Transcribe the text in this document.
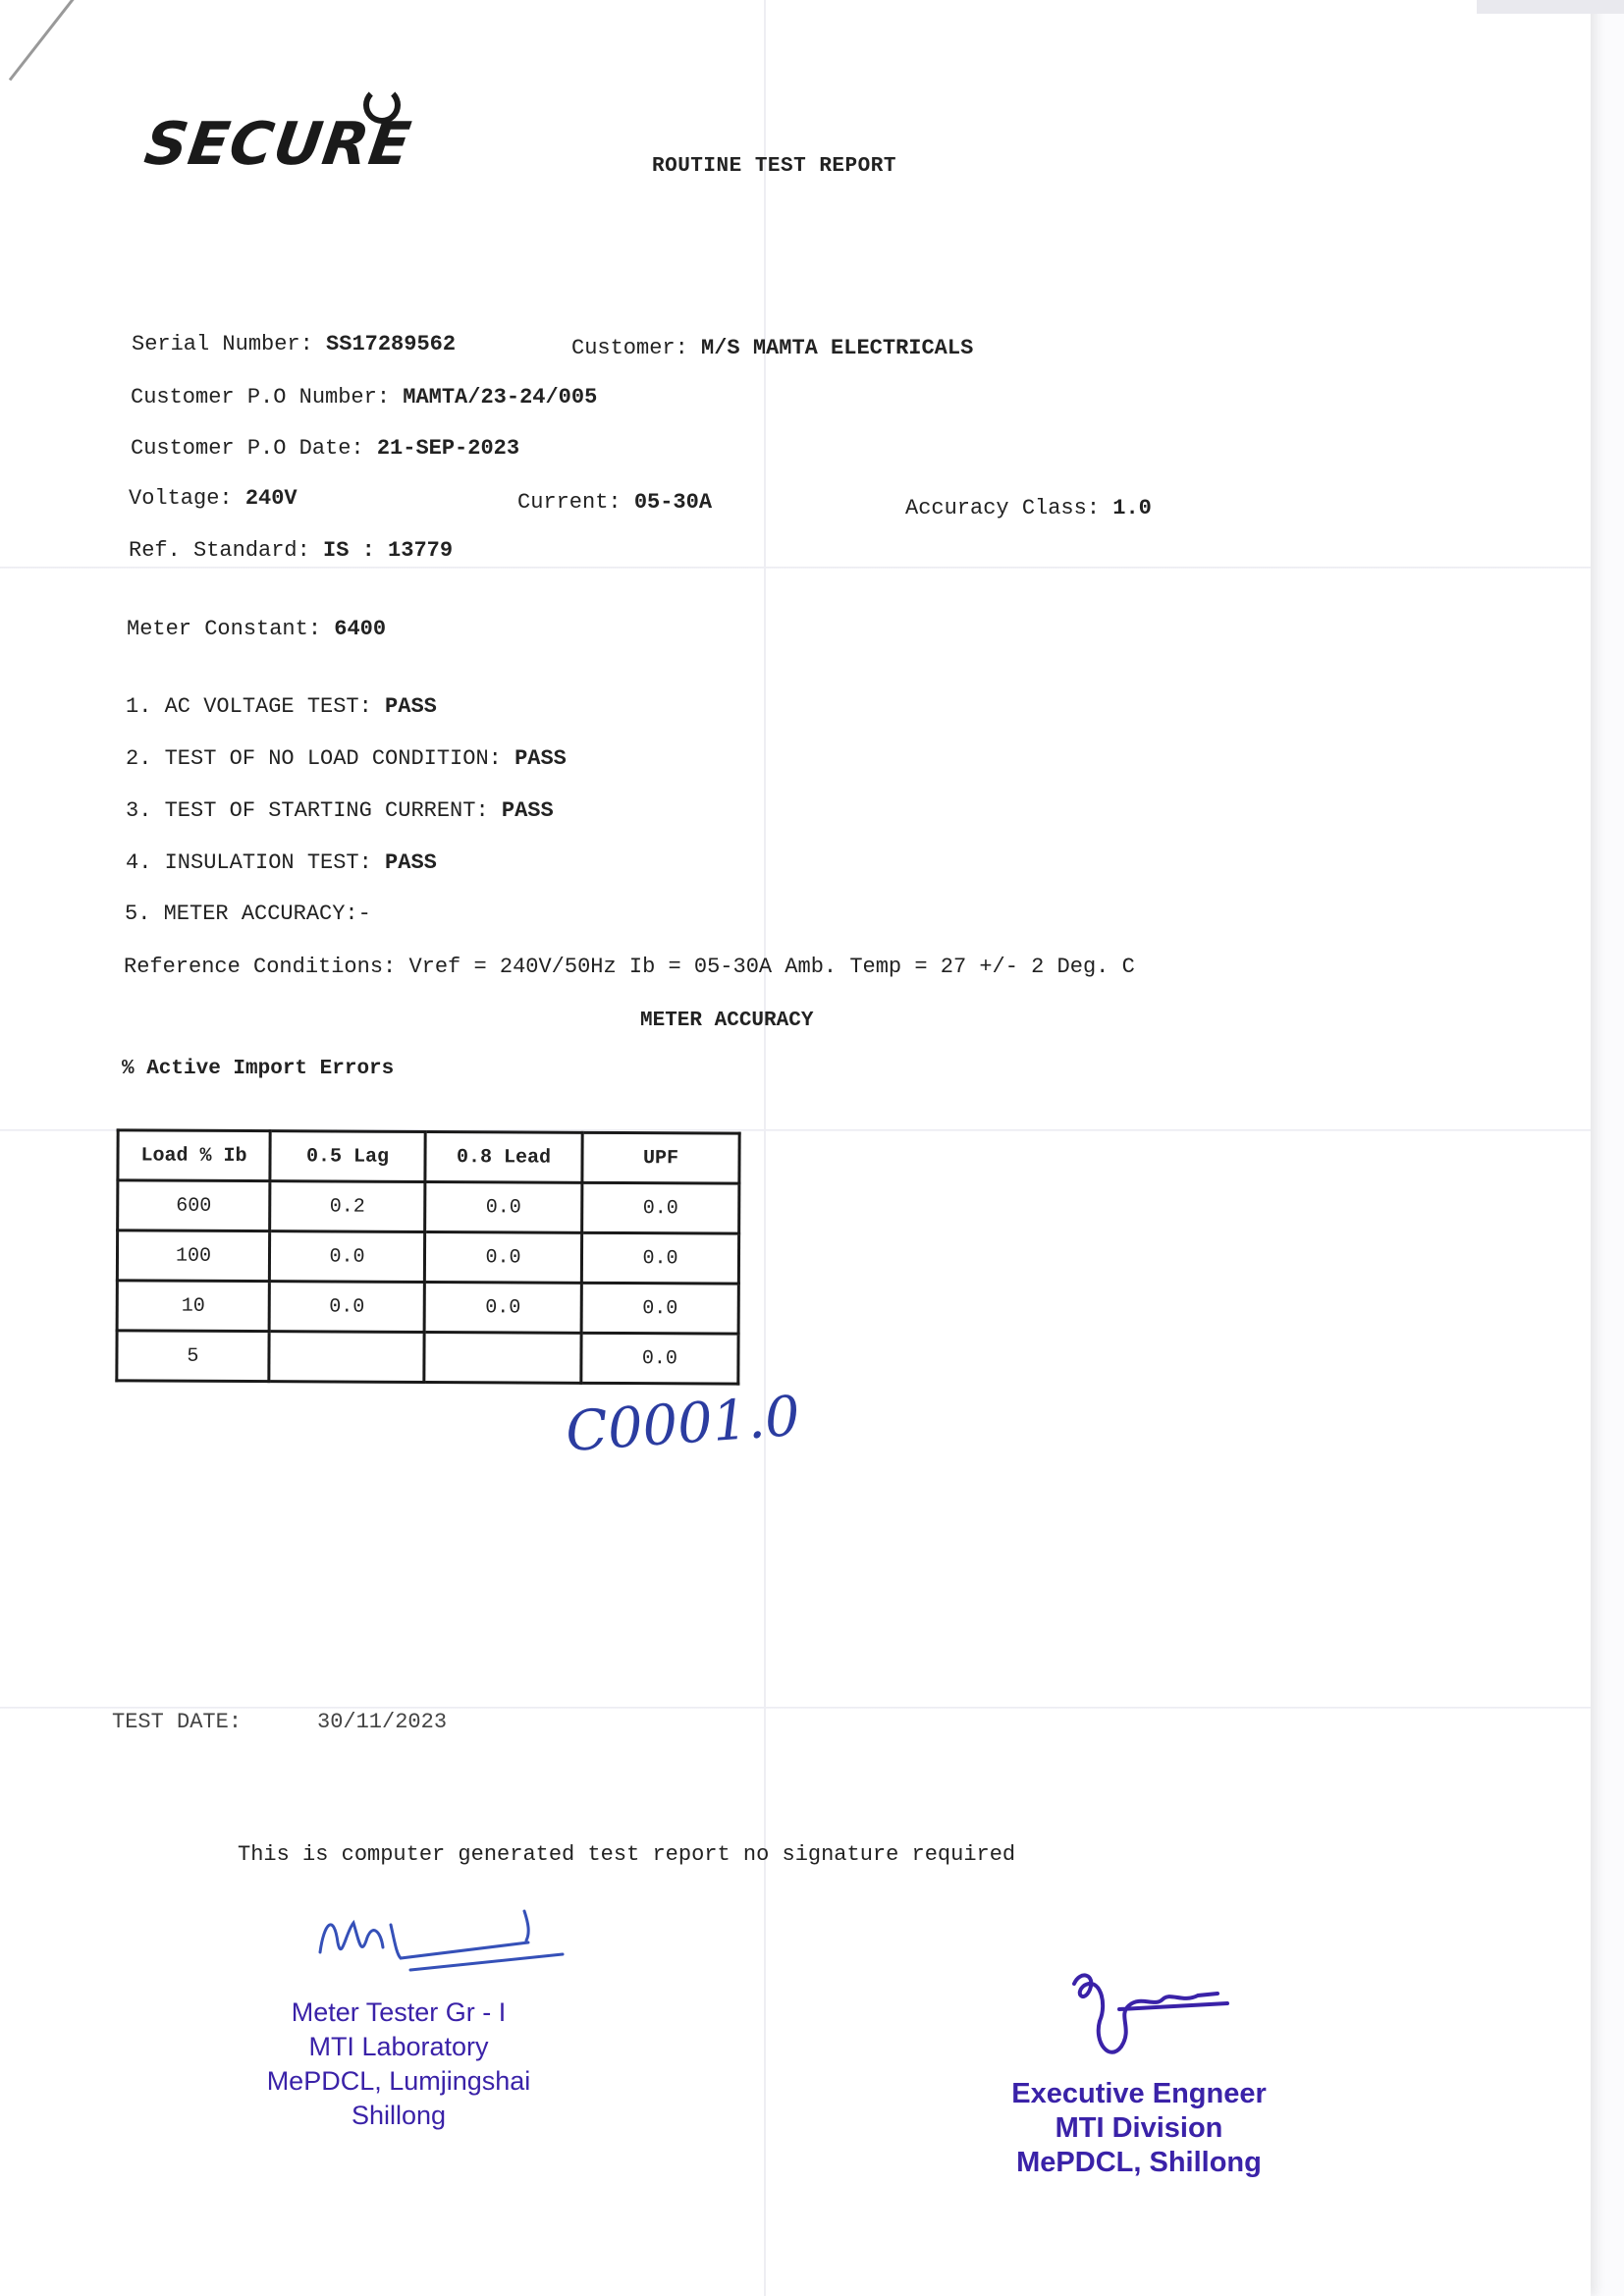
SECURE	ROUTINE TEST REPORT
Serial Number: SS17289562	Customer: M/S MAMTA ELECTRICALS
Customer P.O Number: MAMTA/23-24/005
Customer P.O Date: 21-SEP-2023
Voltage: 240V	Current: 05-30A	Accuracy Class: 1.0
Ref. Standard: IS : 13779
Meter Constant: 6400
1. AC VOLTAGE TEST: PASS
2. TEST OF NO LOAD CONDITION: PASS
3. TEST OF STARTING CURRENT: PASS
4. INSULATION TEST: PASS
5. METER ACCURACY:-
Reference Conditions: Vref = 240V/50Hz Ib = 05-30A Amb. Temp = 27 +/- 2 Deg. C
METER ACCURACY
% Active Import Errors
Load % Ib	0.5 Lag	0.8 Lead	UPF
600	0.2	0.0	0.0
100	0.0	0.0	0.0
10	0.0	0.0	0.0
5			0.0
C0001.0
TEST DATE:	30/11/2023
This is computer generated test report no signature required
Meter Tester Gr - I
MTI Laboratory
MePDCL, Lumjingshai
Shillong
Executive Engneer
MTI Division
MePDCL, Shillong
